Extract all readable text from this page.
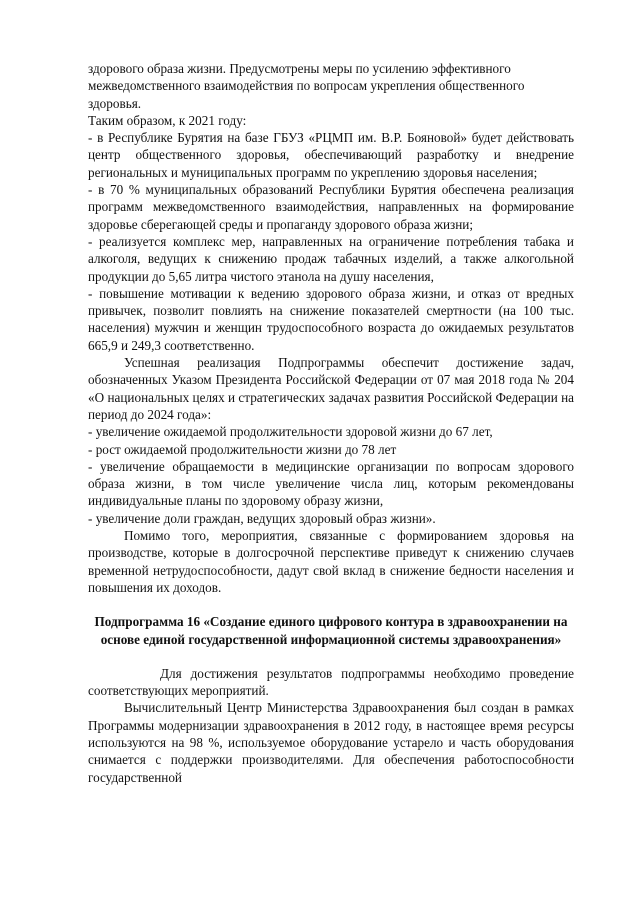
здорового образа жизни. Предусмотрены меры по усилению эффективного межведомственного взаимодействия по вопросам укрепления общественного здоровья.

Таким образом, к 2021 году:

- в Республике Бурятия на базе ГБУЗ «РЦМП им. В.Р. Бояновой» будет действовать центр общественного здоровья, обеспечивающий разработку и внедрение региональных и муниципальных программ по укреплению здоровья населения;

- в 70 % муниципальных образований Республики Бурятия обеспечена реализация программ межведомственного взаимодействия, направленных на формирование здоровье сберегающей среды и пропаганду здорового образа жизни;

- реализуется комплекс мер, направленных на ограничение потребления табака и алкоголя, ведущих к снижению продаж табачных изделий, а также алкогольной продукции до 5,65 литра чистого этанола на душу населения,

- повышение мотивации к ведению здорового образа жизни, и отказ от вредных привычек, позволит повлиять на снижение показателей смертности (на 100 тыс. населения) мужчин и женщин трудоспособного возраста до ожидаемых результатов 665,9 и 249,3 соответственно.

Успешная реализация Подпрограммы обеспечит достижение задач, обозначенных Указом Президента Российской Федерации от 07 мая 2018 года № 204 «О национальных целях и стратегических задачах развития Российской Федерации на период до 2024 года»:

- увеличение ожидаемой продолжительности здоровой жизни до 67 лет,

- рост ожидаемой продолжительности жизни до 78 лет

- увеличение обращаемости в медицинские организации по вопросам здорового образа жизни, в том числе увеличение числа лиц, которым рекомендованы индивидуальные планы по здоровому образу жизни,

- увеличение доли граждан, ведущих здоровый образ жизни».

Помимо того, мероприятия, связанные с формированием здоровья на производстве, которые в долгосрочной перспективе приведут к снижению случаев временной нетрудоспособности, дадут свой вклад в снижение бедности населения и повышения их доходов.

Подпрограмма 16 «Создание единого цифрового контура в здравоохранении на основе единой государственной информационной системы здравоохранения»

Для достижения результатов подпрограммы необходимо проведение соответствующих мероприятий.

Вычислительный Центр Министерства Здравоохранения был создан в рамках Программы модернизации здравоохранения в 2012 году, в настоящее время ресурсы используются на 98 %, используемое оборудование устарело и часть оборудования снимается с поддержки производителями. Для обеспечения работоспособности государственной
